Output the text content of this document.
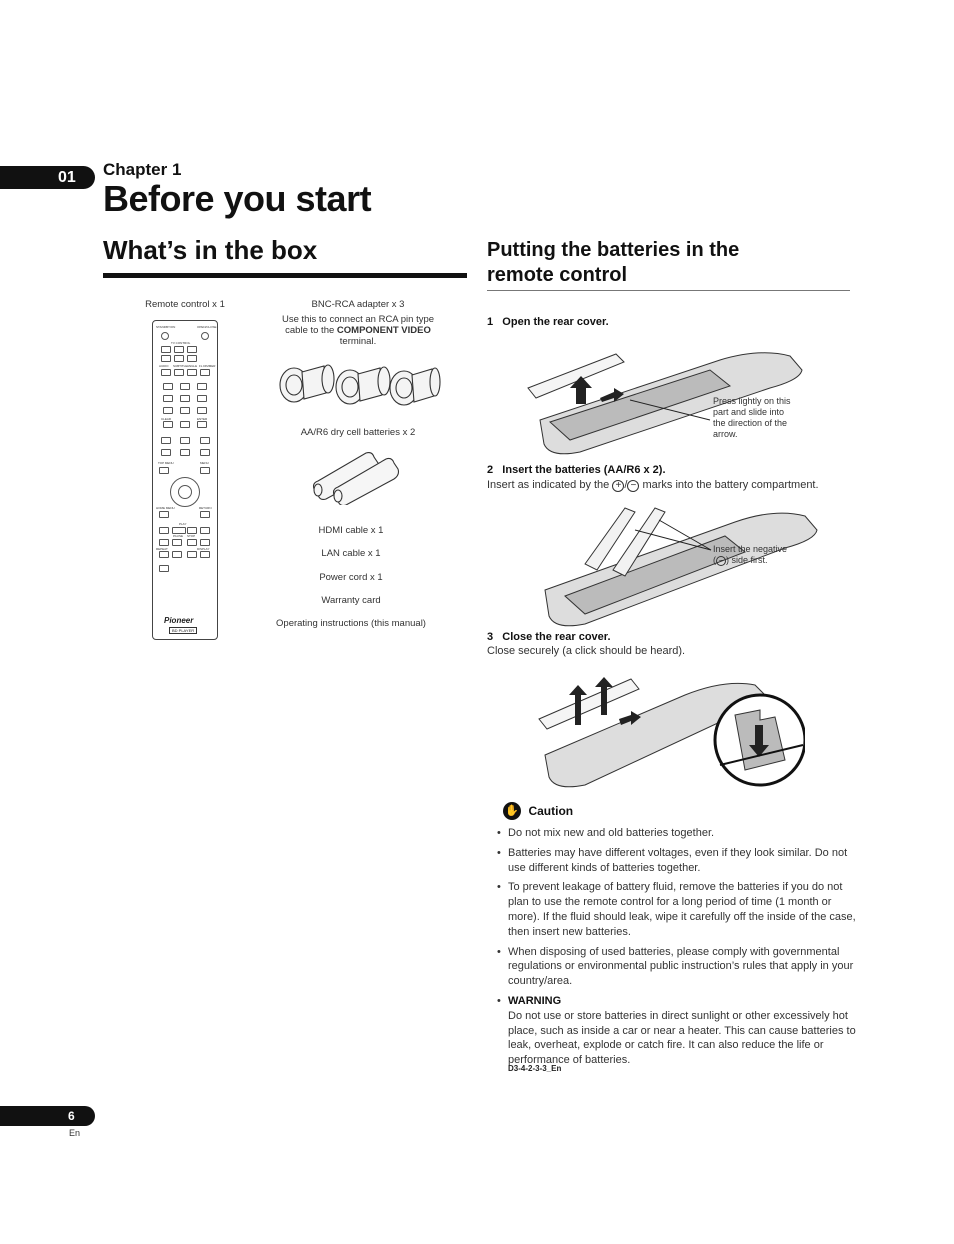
01 Chapter 1
Before you start
What’s in the box
Remote control x 1
STANDBY/ON	OPEN/CLOSE
TV CONTROL
AUDIO SUBTITLE ANGLE FL DIMMER
CLEAR	ENTER
TOP MENU	MENU
HOME MENU	RETURN
PLAY
PAUSE STOP
REPEAT	DISPLAY
Pioneer
BD PLAYER
BNC-RCA adapter x 3
Use this to connect an RCA pin type
cable to the COMPONENT VIDEO
terminal.
AA/R6 dry cell batteries x 2
HDMI cable x 1
LAN cable x 1
Power cord x 1
Warranty card
Operating instructions (this manual)
Putting the batteries in the
remote control
1 Open the rear cover.
Press lightly on this
part and slide into
the direction of the
arrow.
2 Insert the batteries (AA/R6 x 2).
Insert as indicated by the + / − marks into the battery compartment.
Insert the negative
( − ) side first.
3 Close the rear cover.
Close securely (a click should be heard).
✋ Caution
• Do not mix new and old batteries together.
• Batteries may have different voltages, even if they look similar. Do not use different kinds of batteries together.
• To prevent leakage of battery fluid, remove the batteries if you do not plan to use the remote control for a long period of time (1 month or more). If the fluid should leak, wipe it carefully off the inside of the case, then insert new batteries.
• When disposing of used batteries, please comply with governmental regulations or environmental public instruction’s rules that apply in your country/area.
• WARNING
Do not use or store batteries in direct sunlight or other excessively hot place, such as inside a car or near a heater. This can cause batteries to leak, overheat, explode or catch fire. It can also reduce the life or performance of batteries.
D3-4-2-3-3_En
6
En
